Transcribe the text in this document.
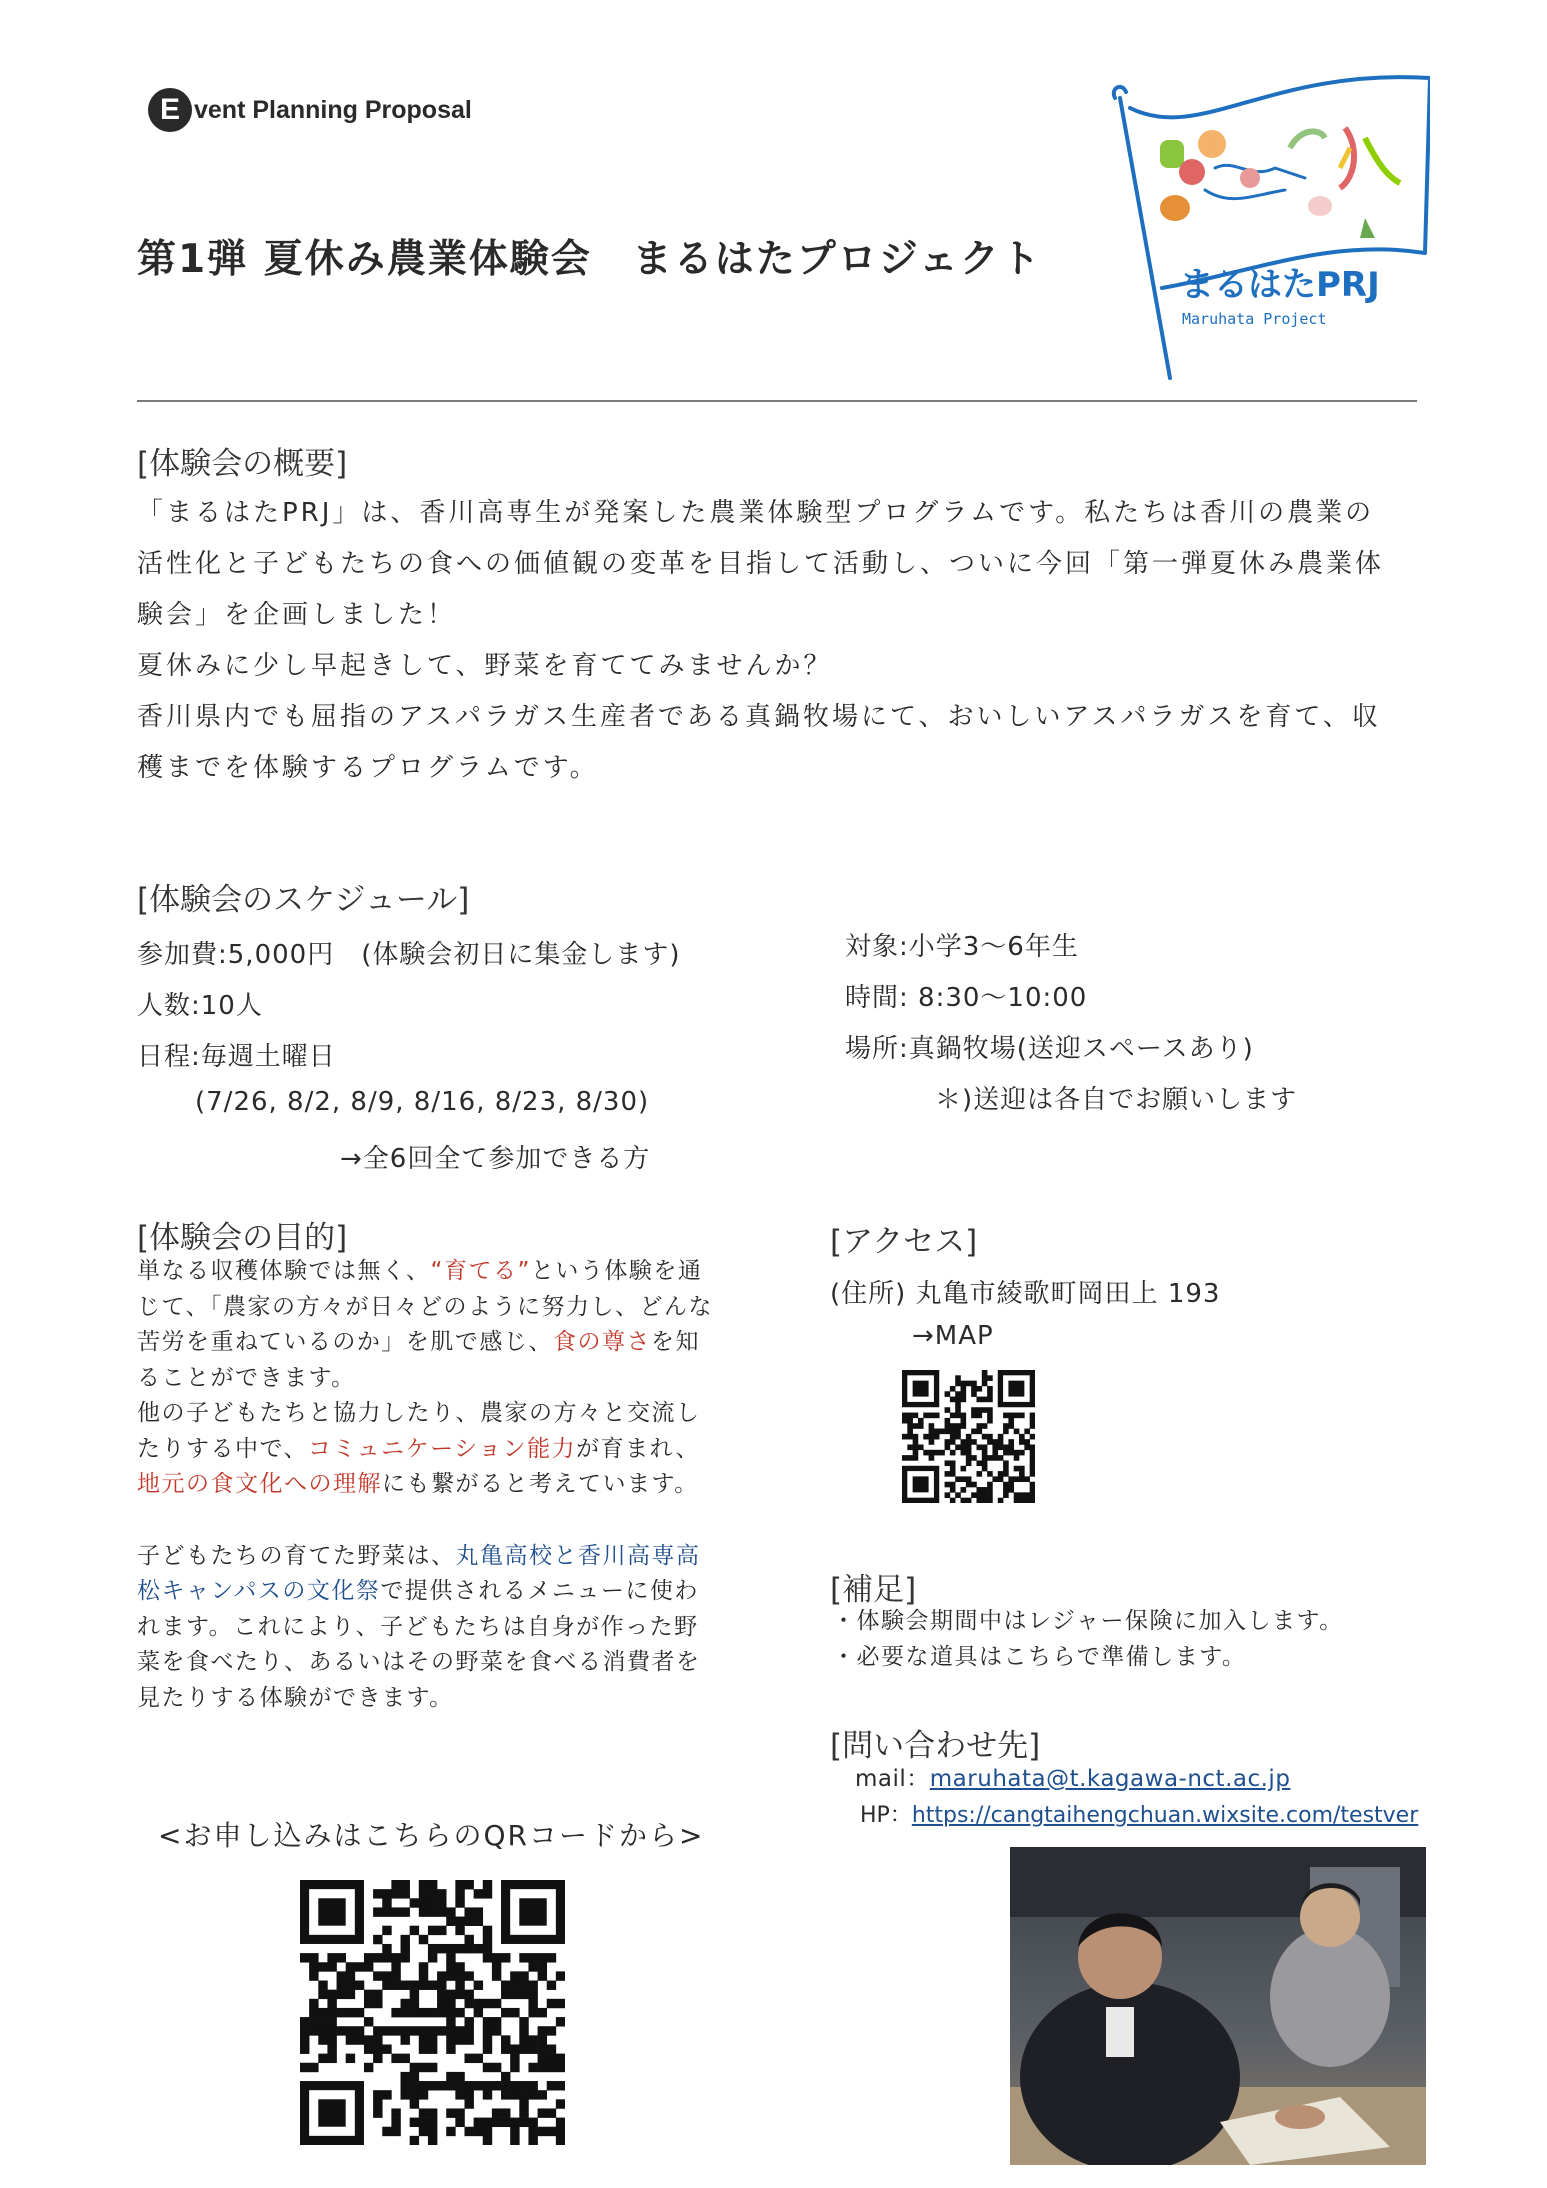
E vent Planning Proposal
第1弾 夏休み農業体験会　まるはたプロジェクト
まるはたPRJ
Maruhata Project
[体験会の概要]
「まるはたPRJ」は、香川高専生が発案した農業体験型プログラムです。私たちは香川の農業の
活性化と子どもたちの食への価値観の変革を目指して活動し、ついに今回「第一弾夏休み農業体
験会」を企画しました！
夏休みに少し早起きして、野菜を育ててみませんか？
香川県内でも屈指のアスパラガス生産者である真鍋牧場にて、おいしいアスパラガスを育て、収
穫までを体験するプログラムです。
[体験会のスケジュール]
参加費:5,000円　(体験会初日に集金します)
人数:10人
日程:毎週土曜日
(7/26, 8/2, 8/9, 8/16, 8/23, 8/30)
→全6回全て参加できる方
対象:小学3〜6年生
時間: 8:30〜10:00
場所:真鍋牧場(送迎スペースあり)
＊)送迎は各自でお願いします
[体験会の目的]

単なる収穫体験では無く、“育てる”という体験を通じて、「農家の方々が日々どのように努力し、どんな苦労を重ねているのか」を肌で感じ、食の尊さを知ることができます。

他の子どもたちと協力したり、農家の方々と交流したりする中で、コミュニケーション能力が育まれ、地元の食文化への理解にも繋がると考えています。

子どもたちの育てた野菜は、丸亀高校と香川高専高松キャンパスの文化祭で提供されるメニューに使われます。これにより、子どもたちは自身が作った野菜を食べたり、あるいはその野菜を食べる消費者を見たりする体験ができます。

<お申し込みはこちらのQRコードから>
[アクセス]
(住所) 丸亀市綾歌町岡田上 193
→MAP
[補足]
・体験会期間中はレジャー保険に加入します。
・必要な道具はこちらで準備します。
[問い合わせ先]
mail：maruhata@t.kagawa-nct.ac.jp
HP：https://cangtaihengchuan.wixsite.com/testver
